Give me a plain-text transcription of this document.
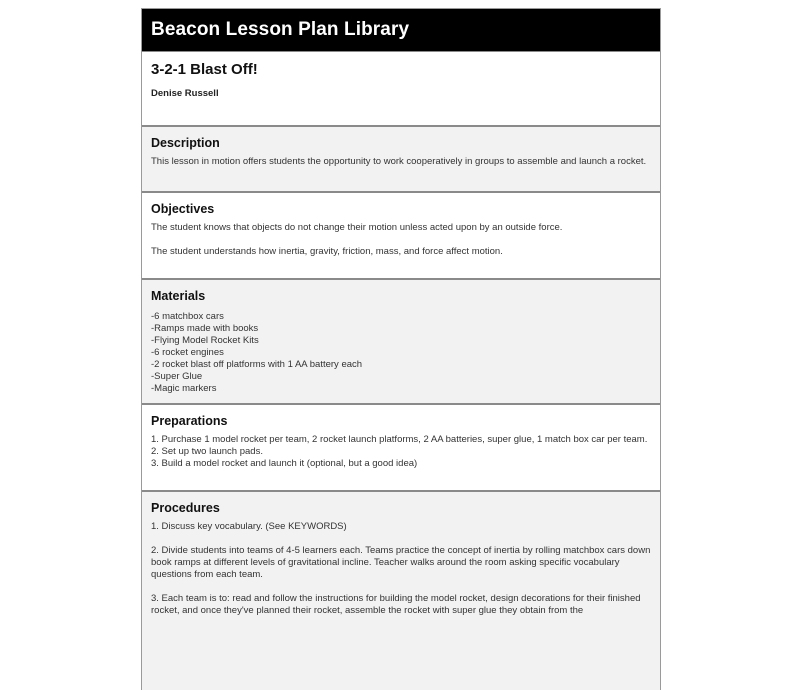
Beacon Lesson Plan Library
3-2-1 Blast Off!
Denise Russell
Description

This lesson in motion offers students the opportunity to work cooperatively in groups to assemble and launch a rocket.

Objectives

The student knows that objects do not change their motion unless acted upon by an outside force.

The student understands how inertia, gravity, friction, mass, and force affect motion.

Materials
-6 matchbox cars
-Ramps made with books
-Flying Model Rocket Kits
-6 rocket engines
-2 rocket blast off platforms with 1 AA battery each
-Super Glue
-Magic markers
Preparations
1. Purchase 1 model rocket per team, 2 rocket launch platforms, 2 AA batteries, super glue, 1 match box car per team.
2. Set up two launch pads.
3. Build a model rocket and launch it (optional, but a good idea)
Procedures

1. Discuss key vocabulary. (See KEYWORDS)

2. Divide students into teams of 4-5 learners each. Teams practice the concept of inertia by rolling matchbox cars down book ramps at different levels of gravitational incline. Teacher walks around the room asking specific vocabulary questions from each team.

3. Each team is to: read and follow the instructions for building the model rocket, design decorations for their finished rocket, and once they've planned their rocket, assemble the rocket with super glue they obtain from the
